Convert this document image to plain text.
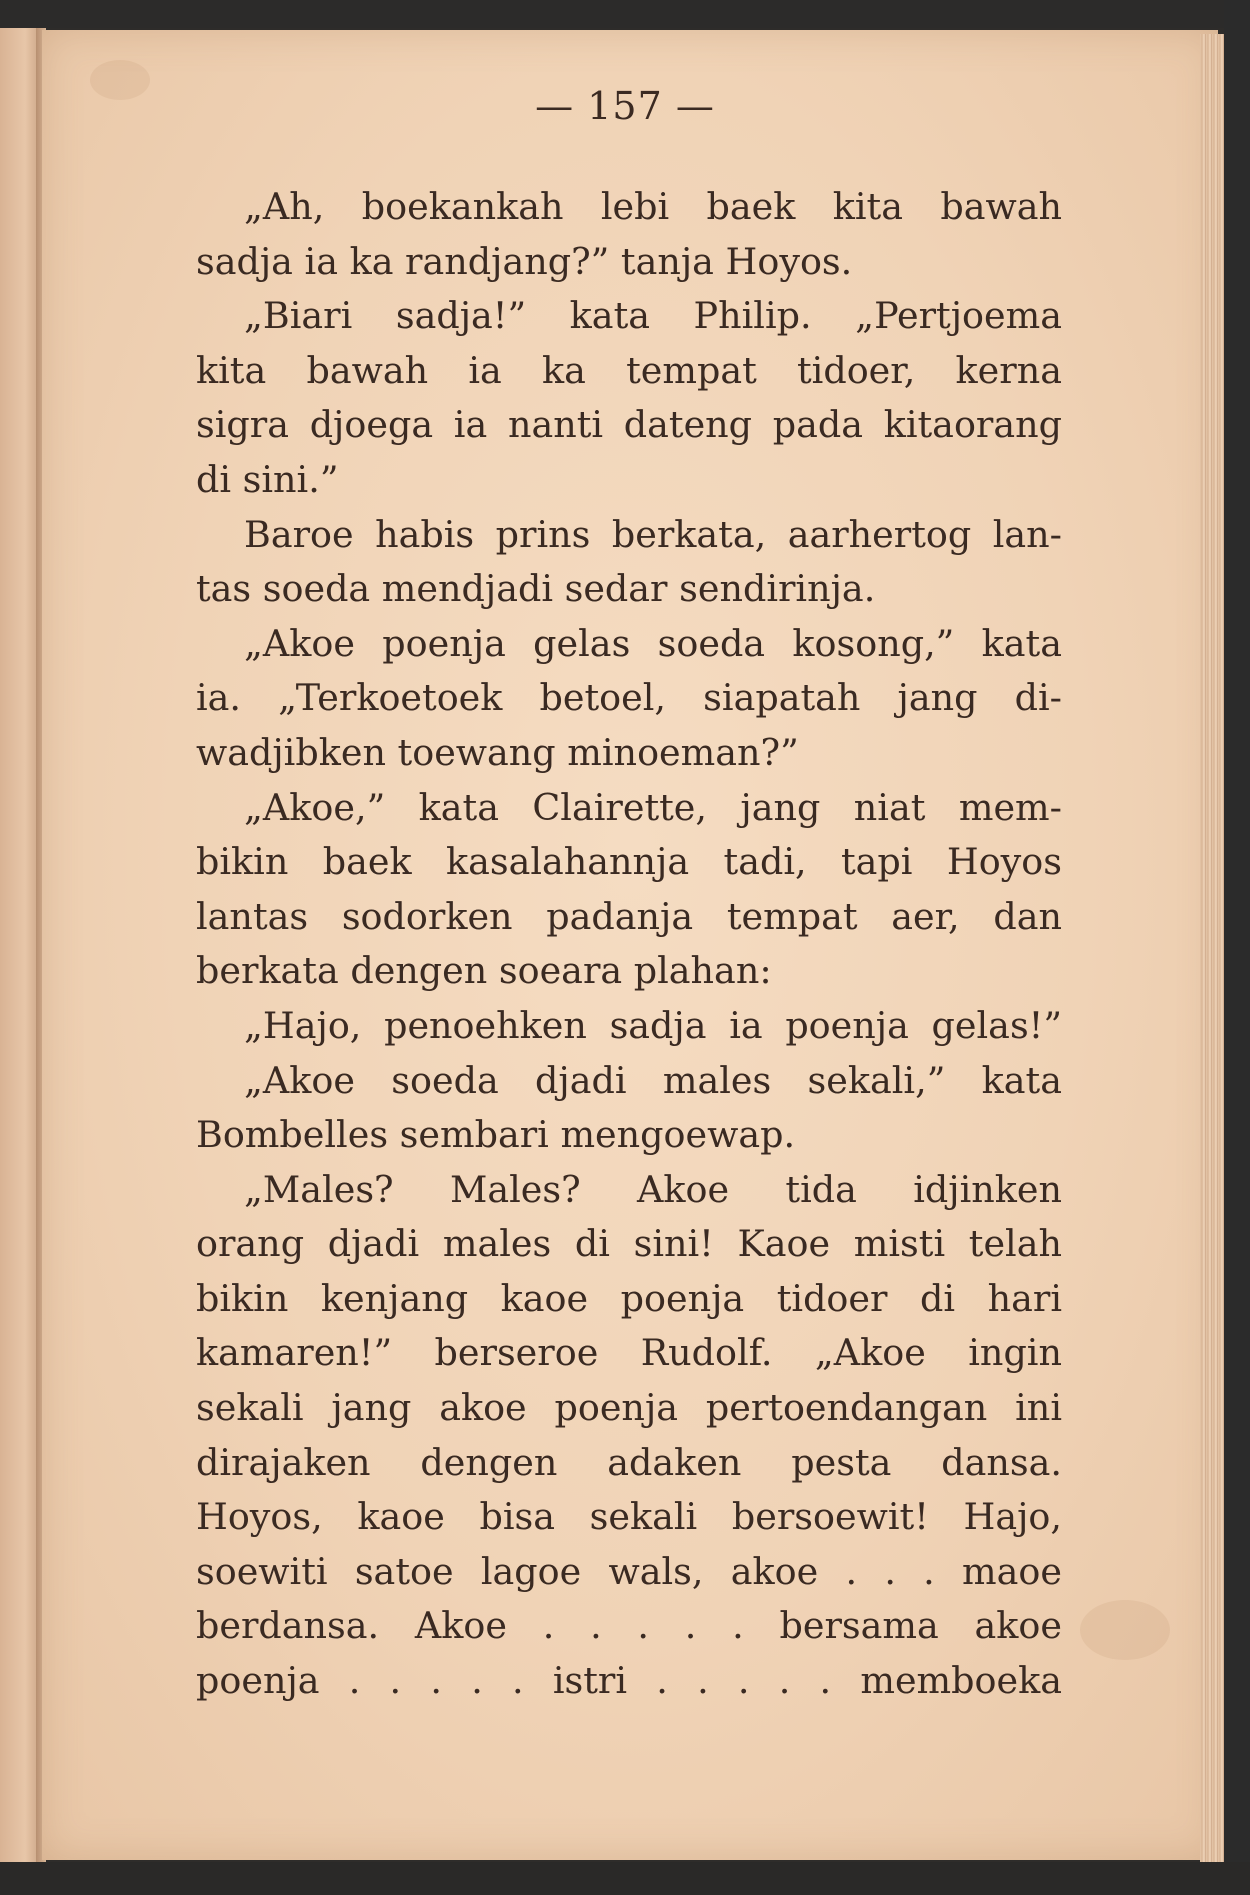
— 157 —
„Ah, boekankah lebi baek kita bawah
sadja ia ka randjang?” tanja Hoyos.
„Biari sadja!” kata Philip. „Pertjoema
kita bawah ia ka tempat tidoer, kerna
sigra djoega ia nanti dateng pada kitaorang
di sini.”
Baroe habis prins berkata, aarhertog lan-
tas soeda mendjadi sedar sendirinja.
„Akoe poenja gelas soeda kosong,” kata
ia. „Terkoetoek betoel, siapatah jang di-
wadjibken toewang minoeman?”
„Akoe,” kata Clairette, jang niat mem-
bikin baek kasalahannja tadi, tapi Hoyos
lantas sodorken padanja tempat aer, dan
berkata dengen soeara plahan:
„Hajo, penoehken sadja ia poenja gelas!”
„Akoe soeda djadi males sekali,” kata
Bombelles sembari mengoewap.
„Males? Males? Akoe tida idjinken
orang djadi males di sini! Kaoe misti telah
bikin kenjang kaoe poenja tidoer di hari
kamaren!” berseroe Rudolf. „Akoe ingin
sekali jang akoe poenja pertoendangan ini
dirajaken dengen adaken pesta dansa.
Hoyos, kaoe bisa sekali bersoewit! Hajo,
soewiti satoe lagoe wals, akoe . . . maoe
berdansa. Akoe . . . . . bersama akoe
poenja . . . . . istri . . . . . memboeka
